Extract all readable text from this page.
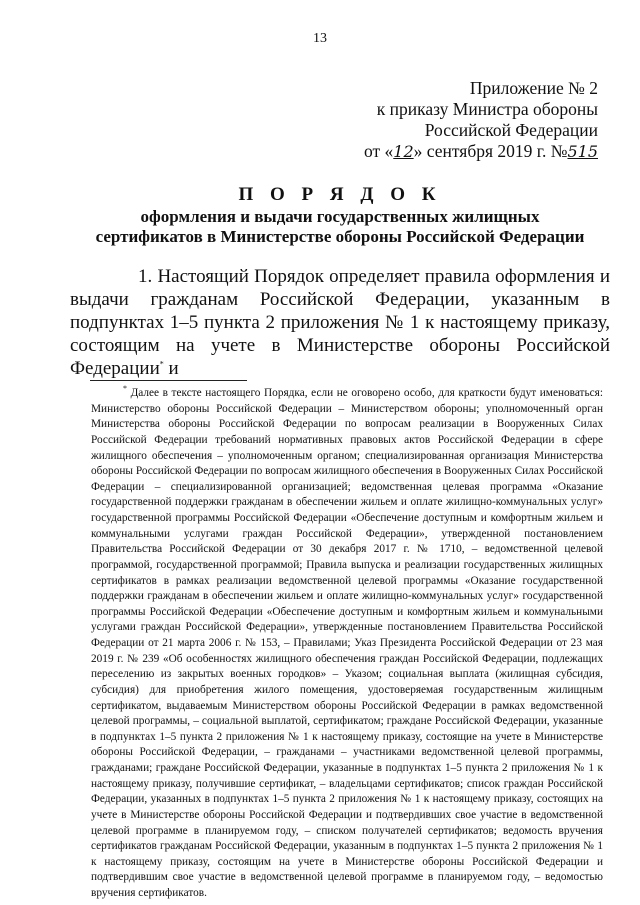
13
Приложение № 2
к приказу Министра обороны
Российской Федерации
от «12» сентября 2019 г. №515
П О Р Я Д О К
оформления и выдачи государственных жилищных
сертификатов в Министерстве обороны Российской Федерации
1. Настоящий Порядок определяет правила оформления и выдачи гражданам Российской Федерации, указанным в подпунктах 1–5 пункта 2 приложения № 1 к настоящему приказу, состоящим на учете в Министерстве обороны Российской Федерации* и
* Далее в тексте настоящего Порядка, если не оговорено особо, для краткости будут именоваться: Министерство обороны Российской Федерации – Министерством обороны; уполномоченный орган Министерства обороны Российской Федерации по вопросам реализации в Вооруженных Силах Российской Федерации требований нормативных правовых актов Российской Федерации в сфере жилищного обеспечения – уполномоченным органом; специализированная организация Министерства обороны Российской Федерации по вопросам жилищного обеспечения в Вооруженных Силах Российской Федерации – специализированной организацией; ведомственная целевая программа «Оказание государственной поддержки гражданам в обеспечении жильем и оплате жилищно-коммунальных услуг» государственной программы Российской Федерации «Обеспечение доступным и комфортным жильем и коммунальными услугами граждан Российской Федерации», утвержденной постановлением Правительства Российской Федерации от 30 декабря 2017 г. № 1710, – ведомственной целевой программой, государственной программой; Правила выпуска и реализации государственных жилищных сертификатов в рамках реализации ведомственной целевой программы «Оказание государственной поддержки гражданам в обеспечении жильем и оплате жилищно-коммунальных услуг» государственной программы Российской Федерации «Обеспечение доступным и комфортным жильем и коммунальными услугами граждан Российской Федерации», утвержденные постановлением Правительства Российской Федерации от 21 марта 2006 г. № 153, – Правилами; Указ Президента Российской Федерации от 23 мая 2019 г. № 239 «Об особенностях жилищного обеспечения граждан Российской Федерации, подлежащих переселению из закрытых военных городков» – Указом; социальная выплата (жилищная субсидия, субсидия) для приобретения жилого помещения, удостоверяемая государственным жилищным сертификатом, выдаваемым Министерством обороны Российской Федерации в рамках ведомственной целевой программы, – социальной выплатой, сертификатом; граждане Российской Федерации, указанные в подпунктах 1–5 пункта 2 приложения № 1 к настоящему приказу, состоящие на учете в Министерстве обороны Российской Федерации, – гражданами – участниками ведомственной целевой программы, гражданами; граждане Российской Федерации, указанные в подпунктах 1–5 пункта 2 приложения № 1 к настоящему приказу, получившие сертификат, – владельцами сертификатов; список граждан Российской Федерации, указанных в подпунктах 1–5 пункта 2 приложения № 1 к настоящему приказу, состоящих на учете в Министерстве обороны Российской Федерации и подтвердивших свое участие в ведомственной целевой программе в планируемом году, – списком получателей сертификатов; ведомость вручения сертификатов гражданам Российской Федерации, указанным в подпунктах 1–5 пункта 2 приложения № 1 к настоящему приказу, состоящим на учете в Министерстве обороны Российской Федерации и подтвердившим свое участие в ведомственной целевой программе в планируемом году, – ведомостью вручения сертификатов.
